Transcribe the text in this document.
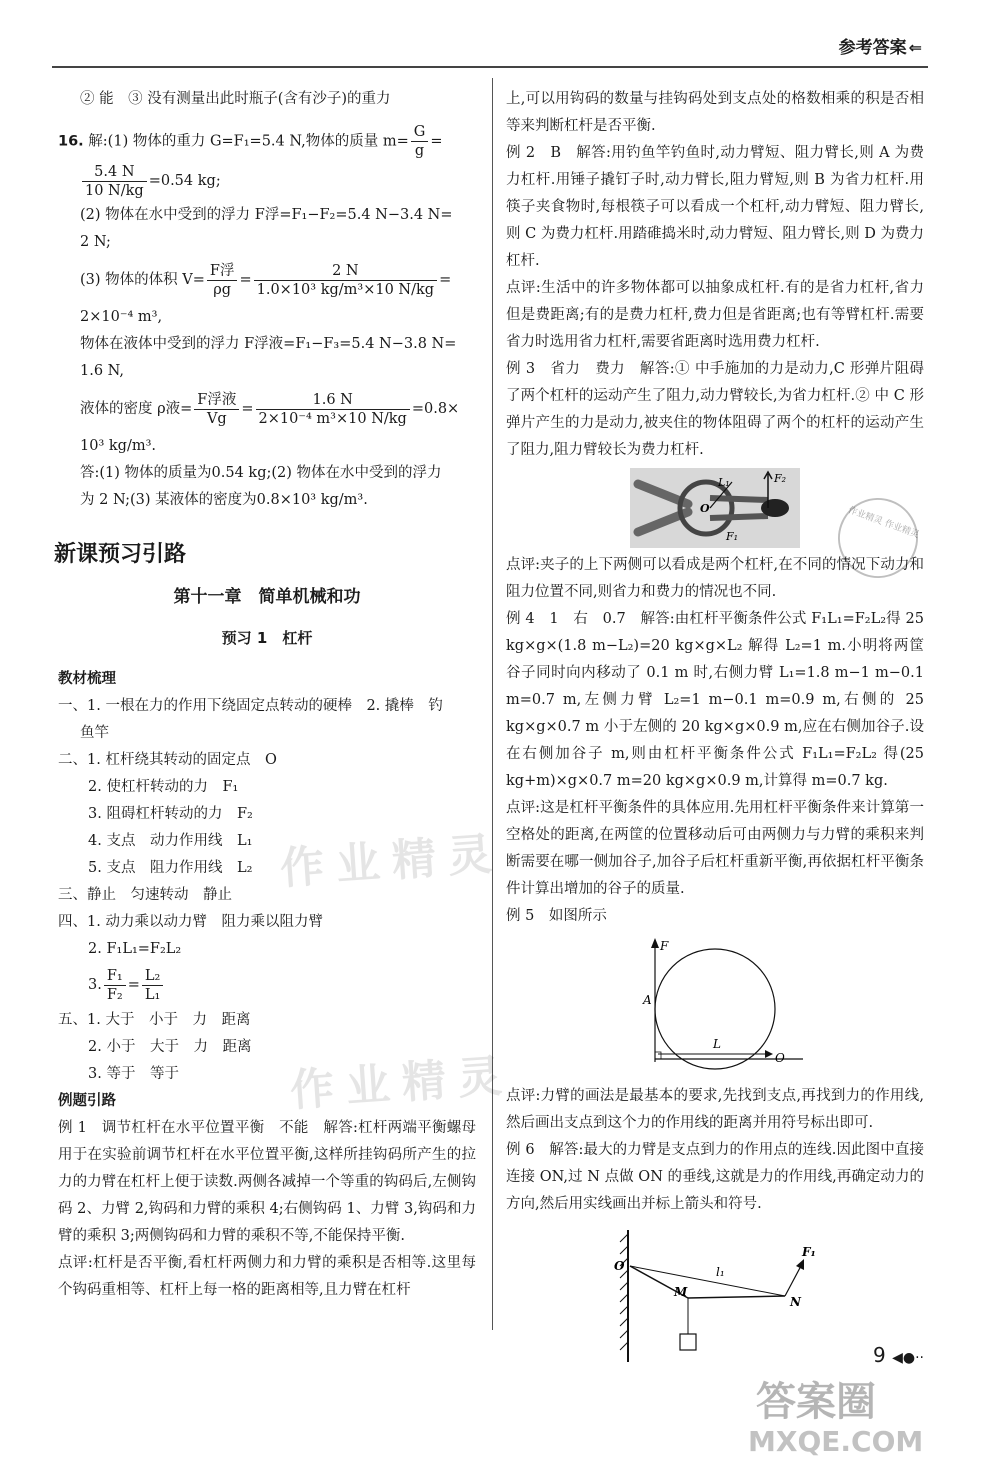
参考答案 ⇐

② 能　③ 没有测量出此时瓶子(含有沙子)的重力

16. 解:(1) 物体的重力 G=F₁=5.4 N,物体的质量 $m= \frac{G}{g}$ =

$\frac{5.4 N}{10 N/kg} =0.54$ kg;

(2) 物体在水中受到的浮力 F浮=F₁−F₂=5.4 N−3.4 N=

2 N;

(3) 物体的体积 $V= \frac{\text{F浮}}{\rho g} = \frac{2 N}{\text{1.0×10³ kg/m³×10 N/kg}}$ =

2×10⁻⁴ m³,

物体在液体中受到的浮力 F浮液=F₁−F₃=5.4 N−3.8 N=

1.6 N,

液体的密度 ρ液= $\frac{\text{F浮液}}{Vg} = \frac{1.6 N}{\text{2×10⁻⁴ m³×10 N/kg}} =0.8\times$

10³ kg/m³.

答:(1) 物体的质量为0.54 kg;(2) 物体在水中受到的浮力

为 2 N;(3) 某液体的密度为0.8×10³ kg/m³.

新课预习引路
第十一章　简单机械和功
预习 1　杠杆

教材梳理

一、1. 一根在力的作用下绕固定点转动的硬棒　2. 撬棒　钓

鱼竿

二、1. 杠杆绕其转动的固定点　O

2. 使杠杆转动的力　F₁

3. 阻碍杠杆转动的力　F₂

4. 支点　动力作用线　L₁

5. 支点　阻力作用线　L₂

三、静止　匀速转动　静止

四、1. 动力乘以动力臂　阻力乘以阻力臂

2. F₁L₁=F₂L₂

3. $\frac{\text{F₁}}{\text{F₂}} = \frac{\text{L₂}}{\text{L₁}}$

五、1. 大于　小于　力　距离

2. 小于　大于　力　距离

3. 等于　等于

例题引路

例 1　调节杠杆在水平位置平衡　不能　解答:杠杆两端平衡螺母用于在实验前调节杠杆在水平位置平衡,这样所挂钩码所产生的拉力的力臂在杠杆上便于读数.两侧各减掉一个等重的钩码后,左侧钩码 2、力臂 2,钩码和力臂的乘积 4;右侧钩码 1、力臂 3,钩码和力臂的乘积 3;两侧钩码和力臂的乘积不等,不能保持平衡.

点评:杠杆是否平衡,看杠杆两侧力和力臂的乘积是否相等.这里每个钩码重相等、杠杆上每一格的距离相等,且力臂在杠杆

上,可以用钩码的数量与挂钩码处到支点处的格数相乘的积是否相等来判断杠杆是否平衡.

例 2　B　解答:用钓鱼竿钓鱼时,动力臂短、阻力臂长,则 A 为费力杠杆.用锤子撬钉子时,动力臂长,阻力臂短,则 B 为省力杠杆.用筷子夹食物时,每根筷子可以看成一个杠杆,动力臂短、阻力臂长,则 C 为费力杠杆.用踏碓捣米时,动力臂短、阻力臂长,则 D 为费力杠杆.

点评:生活中的许多物体都可以抽象成杠杆.有的是省力杠杆,省力但是费距离;有的是费力杠杆,费力但是省距离;也有等臂杠杆.需要省力时选用省力杠杆,需要省距离时选用费力杠杆.

例 3　省力　费力　解答:① 中手施加的力是动力,C 形弹片阻碍了两个杠杆的运动产生了阻力,动力臂较长,为省力杠杆.② 中 C 形弹片产生的力是动力,被夹住的物体阻碍了两个的杠杆的运动产生了阻力,阻力臂较长为费力杠杆.

L₁	F₂
O
F₁

点评:夹子的上下两侧可以看成是两个杠杆,在不同的情况下动力和阻力位置不同,则省力和费力的情况也不同.

例 4　1　右　0.7　解答:由杠杆平衡条件公式 F₁L₁=F₂L₂得 25 kg×g×(1.8 m−L₂)=20 kg×g×L₂ 解得 L₂=1 m.小明将两筐谷子同时向内移动了 0.1 m 时,右侧力臂 L₁=1.8 m−1 m−0.1 m=0.7 m,左侧力臂 L₂=1 m−0.1 m=0.9 m,右侧的 25 kg×g×0.7 m 小于左侧的 20 kg×g×0.9 m,应在右侧加谷子.设在右侧加谷子 m,则由杠杆平衡条件公式 F₁L₁=F₂L₂ 得(25 kg+m)×g×0.7 m=20 kg×g×0.9 m,计算得 m=0.7 kg.

点评:这是杠杆平衡条件的具体应用.先用杠杆平衡条件来计算第一空格处的距离,在两筐的位置移动后可由两侧力与力臂的乘积来判断需要在哪一侧加谷子,加谷子后杠杆重新平衡,再依据杠杆平衡条件计算出增加的谷子的质量.

例 5　如图所示

F
A
L
O

点评:力臂的画法是最基本的要求,先找到支点,再找到力的作用线,然后画出支点到这个力的作用线的距离并用符号标出即可.

例 6　解答:最大的力臂是支点到力的作用点的连线.因此图中直接连接 ON,过 N 点做 ON 的垂线,这就是力的作用线,再确定动力的方向,然后用实线画出并标上箭头和符号.

O	l₁
F₁
M
N
9 ◀●··
作业精灵
作业精灵
作业精灵 作业精灵
答案圈
MXQE.COM
